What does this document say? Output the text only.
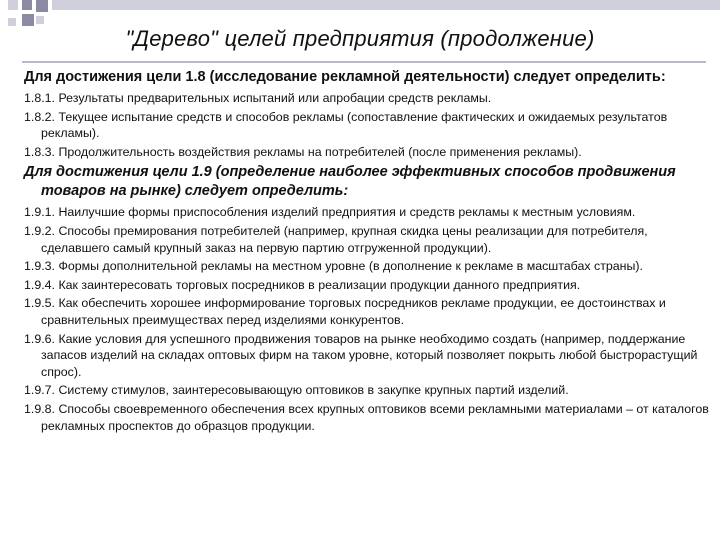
"Дерево" целей предприятия (продолжение)
Для достижения цели 1.8 (исследование рекламной деятельности) следует определить:
1.8.1. Результаты предварительных испытаний или апробации средств рекламы.
1.8.2. Текущее испытание средств и способов рекламы (сопоставление фактических и ожидаемых результатов рекламы).
1.8.3. Продолжительность воздействия рекламы на потребителей (после применения рекламы).
Для достижения цели 1.9 (определение наиболее эффективных способов продвижения товаров на рынке) следует определить:
1.9.1. Наилучшие формы приспособления изделий предприятия и средств рекламы к местным условиям.
1.9.2. Способы премирования потребителей (например, крупная скидка цены реализации для потребителя, сделавшего самый крупный заказ на первую партию отгруженной продукции).
1.9.3. Формы дополнительной рекламы на местном уровне (в дополнение к рекламе в масштабах страны).
1.9.4. Как заинтересовать торговых посредников в реализации продукции данного предприятия.
1.9.5. Как обеспечить хорошее информирование торговых посредников рекламе продукции, ее достоинствах и сравнительных преимуществах перед изделиями конкурентов.
1.9.6. Какие условия для успешного продвижения товаров на рынке необходимо создать (например, поддержание запасов изделий на складах оптовых фирм на таком уровне, который позволяет покрыть любой быстрорастущий спрос).
1.9.7. Систему стимулов, заинтересовывающую оптовиков в закупке крупных партий изделий.
1.9.8. Способы своевременного обеспечения всех крупных оптовиков всеми рекламными материалами – от каталогов рекламных проспектов до образцов продукции.
